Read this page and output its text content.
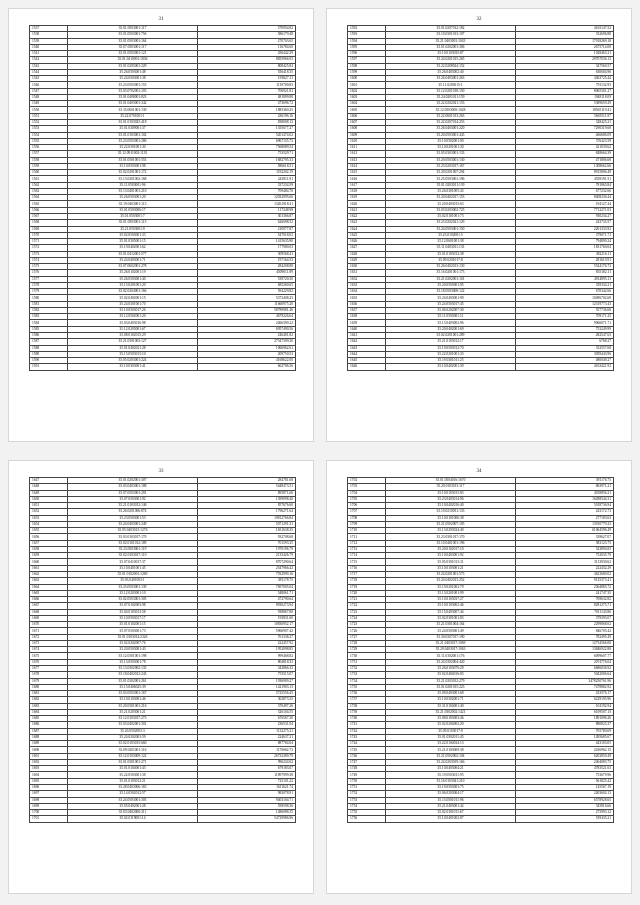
31
1537	35.01.0503001:117	570954.82
1538	35.01.0503001:756	586179.48
1539	35.01.0503001:164	270703.65
1540	35.07.0503001:117	116784.60
1541	35.01.0503001:121	456442.39
1542	35.01.0410001:1836	8855966.93
1543	35.01.0205001:229	808425.84
1544	35.26.0503001:48	556418.35
1545	35.24.0503001:38	193827.11
1546	35.23.0503001:153	1119700.83
1547	35.03.0702001:103	706921.81
1548	35.01.0408001:823	481899.80
1549	35.01.0403001:342	473696.72
1550	35.35.0601001:139	1885360.25
1551	35.22.0701001:1	436196.16
1552	35.01.0103025:418	838008.13
1553	35.01.0309001:37	1355677.27
1554	35.01.0103001:102	5201474.02
1555	35.23.0503001:286	6967155.73
1556	35.22.0301001:30	7568089.54
1557	35.12.0911002:1135	753529.71
1558	35.01.0301001:553	1682795.33
1559	35.10.0503001:98	586618.51
1560	35.02.0201001:172	1192202.19
1561	35.13.0201002:168	243911.91
1562	35.11.0503001:96	337234.59
1563	35.13.0401001:210	709484.70
1564	35.26.0503001:20	12032995.66
1565	35.19.0403001:113	13261918.41
1566	35.01.0503006:17	117248.98
1567	35.01.0503001:7	301366.87
1568	35.01.0503001:115	626098.52
1569	35.21.0503001:9	210977.87
1570	35.02.0503001:33	547018.03
1571	35.01.0305001:15	1415635.80
1572	35.19.0402001:62	177980.03
1573	35.01.0412001:577	309568.41
1574	35.24.0403001:71	197164.53
1575	35.07.0602001:278	284208.88
1576	35.26.0102001:19	4509011.89
1577	35.26.0503001:40	539720.30
1578	35.15.0201001:20	685260.65
1579	35.02.0204001:166	594229.82
1580	35.02.0402001:15	5373408.25
1581	35.24.0301001:70	11660975.20
1582	35.10.0503017:26	58789981.46
1583	35.12.0502001:20	4679226.64
1584	35.03.0403016:98	2466390.22
1585	35.12.0205001:67	6957490.56
1586	35.08.0102015:29	246401.82
1587	35.21.0301003:127	27547399.30
1588	35.01.0402021:28	1066962.61
1589	35.15.0503013:10	209750.53
1590	35.05.0203001:224	4168622.00
1591	35.10.0303001:41	662706.56
32
1592	35.01.0207012:182	4165147.52
1593	35.10.0301013:107	332696.88
1594	35.21.0403001:1043	17018269.18
1595	35.01.0202001:306	2675714.08
1596	35.10.0103035:87	1028463.21
1597	35.24.0201015:265	29707036.13
1598	35.22.0208024:152	347560.57
1599	35.26.0403002:40	630604.96
1600	35.26.0403001:263	4363725.44
1601	35.11.0203015:1	791132.93
1602	35.12.0201018:150	8065301.27
1603	35.24.0201011:159	1948118.09
1604	35.22.0202021:153	5389659.29
1605	35.12.0503005:1028	18565119.41
1606	35.22.0601013:263	5665511.97
1607	35.22.0207014:253	328425.21
1608	35.26.0403001:220	7290319.68
1609	35.20.0503001:443	466686.09
1610	35.10.0502001:90	376423.59
1611	35.10.0201001:30	421039.62
1612	35.03.0303001:133	848664.39
1613	35.20.0503001:130	471806.68
1614	35.23.0203017:167	1308662.66
1615	35.20.0201007:294	8915806.49
1616	35.25.0503001:196	4558191.51
1617	35.01.0203011:139	781865.84
1618	35.26.0301005:43	677232.66
1619	35.20.0402017:153	8408230.44
1620	35.20.0403015:63	194127.44
1621	35.03.0203002:725	7712271.03
1622	35.02.0101001:73	930234.27
1623	35.23.0202021:129	243735.57
1624	35.24.0503001:150	2201333.92
1625	35.23.0102001:5	379071.71
1626	35.12.0601001:38	794890.24
1627	35.11.0403011:133	1831760.04
1628	35.01.0103012:38	382216.11
1629	35.09.0201017:8	281619.91
1630	35.26.0402013:130	5524176.73
1631	35.16.0201001:173	835182.11
1632	35.21.0202001:101	4914895.11
1633	35.20.0503001:95	339334.21
1634	35.18.0503008:122	670342.66
1635	35.24.0403001:99	10496702.68
1636	35.24.0503017:45	12319773.43
1637	35.06.0202007:30	557736.68
1638	35.11.0503001:11	709171.25
1639	35.13.0403002:96	9066071.71
1640	35.20.0402001:69	753249.99
1641	35.02.0201001:289	282547.63
1642	35.21.0103012:17	6768.27
1643	35.19.0503012:70	332557.68
1644	35.22.0201001:33	3059443.96
1645	35.19.0301011:25	480049.27
1646	35.10.0402001:39	4163421.92
33
1647	35.01.0202001:307	284781.68
1648	35.03.0403001:188	5448473.51
1649	35.07.0503001:291	895871.66
1650	35.07.0503001:92	1399098.40
1651	35.21.0103012:146	857676.60
1652	35.26.0201006:874	1796271.64
1653	35.23.0503001:53	19812766.84
1654	35.24.0403001:249	5071291.31
1655	35.05.0403015:1276	1651638.35
1656	35.03.0103017:170	932708.68
1657	35.02.0101012:189	701593.35
1658	35.23.0503001:119	1970196.79
1659	35.02.0103017:110	2135426.79
1660	35.07.0410017:37	8707290.64
1661	35.10.0401001:45	2547966.42
1662	35.01.0102001:1269	7932990.16
1663	35.03.0401003:1	381178.75
1664	35.23.0503001:139	7697005.04
1665	35.12.0203001:10	548061.71
1666	35.02.0503001:305	472790.64
1667	35.07.0102003:98	8930273.94
1668	35.04.0103013:58	938867.80
1669	35.10.0503017:17	193831.60
1670	35.01.0102001:15	10830952.17
1671	35.07.0503001:73	5966907.42
1672	35.01.0103014:2326	761338.27
1673	35.02.0202007:76	222457.92
1674	35.20.0503001:43	1952098.85
1675	35.12.0301001:198	999468.82
1676	35.13.0503001:78	804818.33
1677	35.13.0302002:135	342866.32
1678	35.18.0402012:243	753515.07
1679	35.01.0302001:261	1936909.27
1680	35.15.0406025:39	1421903.13
1681	35.03.0503001:167	5725556.45
1682	35.10.0103001:46	302873.35
1683	35.20.0301001:216	370497.26
1684	35.21.0203001:21	326104.55
1685	35.12.0103017:273	676567.30
1686	35.03.0402001:301	236531.04
1687	35.20.0502003:3	1132275.21
1688	35.24.0202003:59	224637.21
1689	35.02.0103015:660	887784.04
1690	35.09.0201001:116	1170682.73
1691	35.12.0103009:122	26732389.79
1692	35.01.0301001:271	996234.02
1693	35.01.0104001:43	679183.07
1694	35.22.0503001:38	11897999.38
1695	35.01.0103012:21	725101.22
1696	35.28.0403006:165	1611621.74
1697	35.14.0502012:57	983078.91
1698	35.24.0503001:303	9403104.71
1699	35.05.0402001:28	558598.36
1700	35.03.0402006:311	1486088.35
1701	35.02.0119001:14	54729986.96
34
1702	35.01.0504016:1670	391176.75
1703	35.20.0103013:117	863971.21
1704	35.10.0103015:83	4018856.21
1705	35.23.0403014:96	16288544.31
1706	35.10.0402016:40	5018736.94
1707	35.10.0210031:133	243172.73
1708	35.10.0101006:38	277183.63
1709	35.21.0502007:105	13910779.23
1710	35.13.0203024:40	61064596.49
1711	35.23.0301017:170	339627.07
1712	35.10.0401001:196	383123.75
1713	35.20.0102017:10	323894.83
1714	35.10.0403001:92	752035.79
1715	35.05.0301013:31	3113930.62
1716	35.10.0103001:21	222432.29
1717	35.24.0201001:573	4623680.02
1718	35.24.0402013:252	9135373.41
1719	35.19.0201002:79	2364883.72
1720	35.13.0201001:99	241747.35
1721	35.10.0103037:27	769632.82
1722	35.10.0103002:46	8281275.71
1723	35.15.0403007:44	7011143.86
1724	35.02.0301001:83	379393.07
1725	35.21.0301004:164	2299868.02
1726	35.24.0503001:49	846705.42
1727	35.30.0307017:190	782495.49
1728	35.21.0403017:1069	12734566.08
1729	35.29.0403017:1063	13846922.88
1730	35.11.0302001:176	6099607.77
1731	35.24.0302004:420	2074776.04
1732	35.26.0103070:29	6686036.92
1733	35.02.0404016:83	5042006.64
1734	35.21.0203012:279	3478250761.96
1735	35.01.0201015:223	7478882.92
1736	35.09.0403001:68	433576.17
1737	35.10.0302001:71	6229195.96
1738	35.31.0104001:40	104192.94
1739	35.21.0302002:1421	6109507.15
1740	35.08.0103003:46	1891096.26
1741	35.02.0204002:20	880825.37
1742	35.09.0103017:9	705780.09
1743	35.01.0302011:45	1495685.67
1744	35.22.0104034:13	443103.05
1745	35.21.0103009:38	2436962.15
1746	35.21.0502002:104	6202850.49
1747	35.24.0203019:166	2404083.75
1748	35.10.0403004:21	4783521.63
1749	35.19.0503011:95	753679.96
1750	35.16.0103041:210	561825.42
1751	35.19.0503003:75	145567.19
1752	35.06.0203004:17	2403602.13
1753	35.13.0501011:96	6578928.65
1754	35.21.0403001:42	345816.66
1755	35.02.0101011:67	275993.12
1756	35.10.0401002:87	539435.21
